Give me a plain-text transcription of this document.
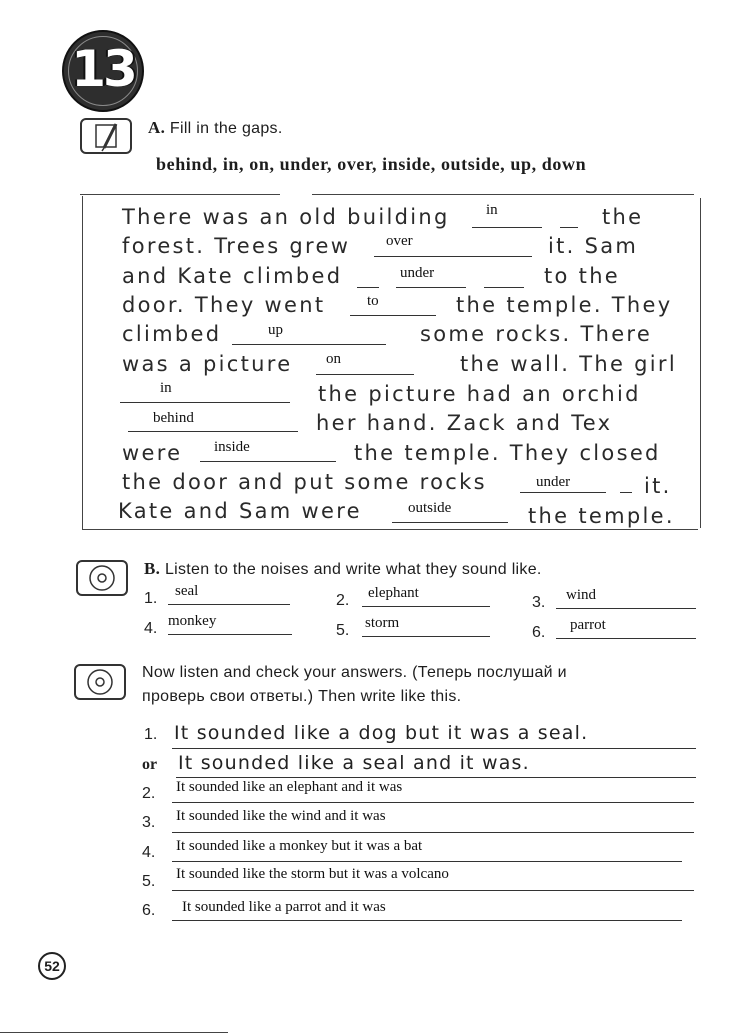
13
A. Fill in the gaps.
behind, in, on, under, over, inside, outside, up, down
There was an old building in	the
forest. Trees grew over	it. Sam
and Kate climbed	under	to the
door. They went	to	the temple. They
climbed	up	some rocks. There
was a picture on	the wall. The girl
in	the picture had an orchid
behind	her hand. Zack and Tex
were inside	the temple. They closed
the door and put some rocks	under	it.
Kate and Sam were	outside	the temple.
B. Listen to the noises and write what they sound like.
1. seal
2. elephant
3. wind
4. monkey
5. storm
6. parrot
Now listen and check your answers. (Теперь послушай и
проверь свои ответы.) Then write like this.
1. It sounded like a dog but it was a seal.
or It sounded like a seal and it was.
2. It sounded like an elephant and it was
3. It sounded like the wind and it was
4. It sounded like a monkey but it was a bat
5. It sounded like the storm but it was a volcano
6. It sounded like a parrot and it was
52
